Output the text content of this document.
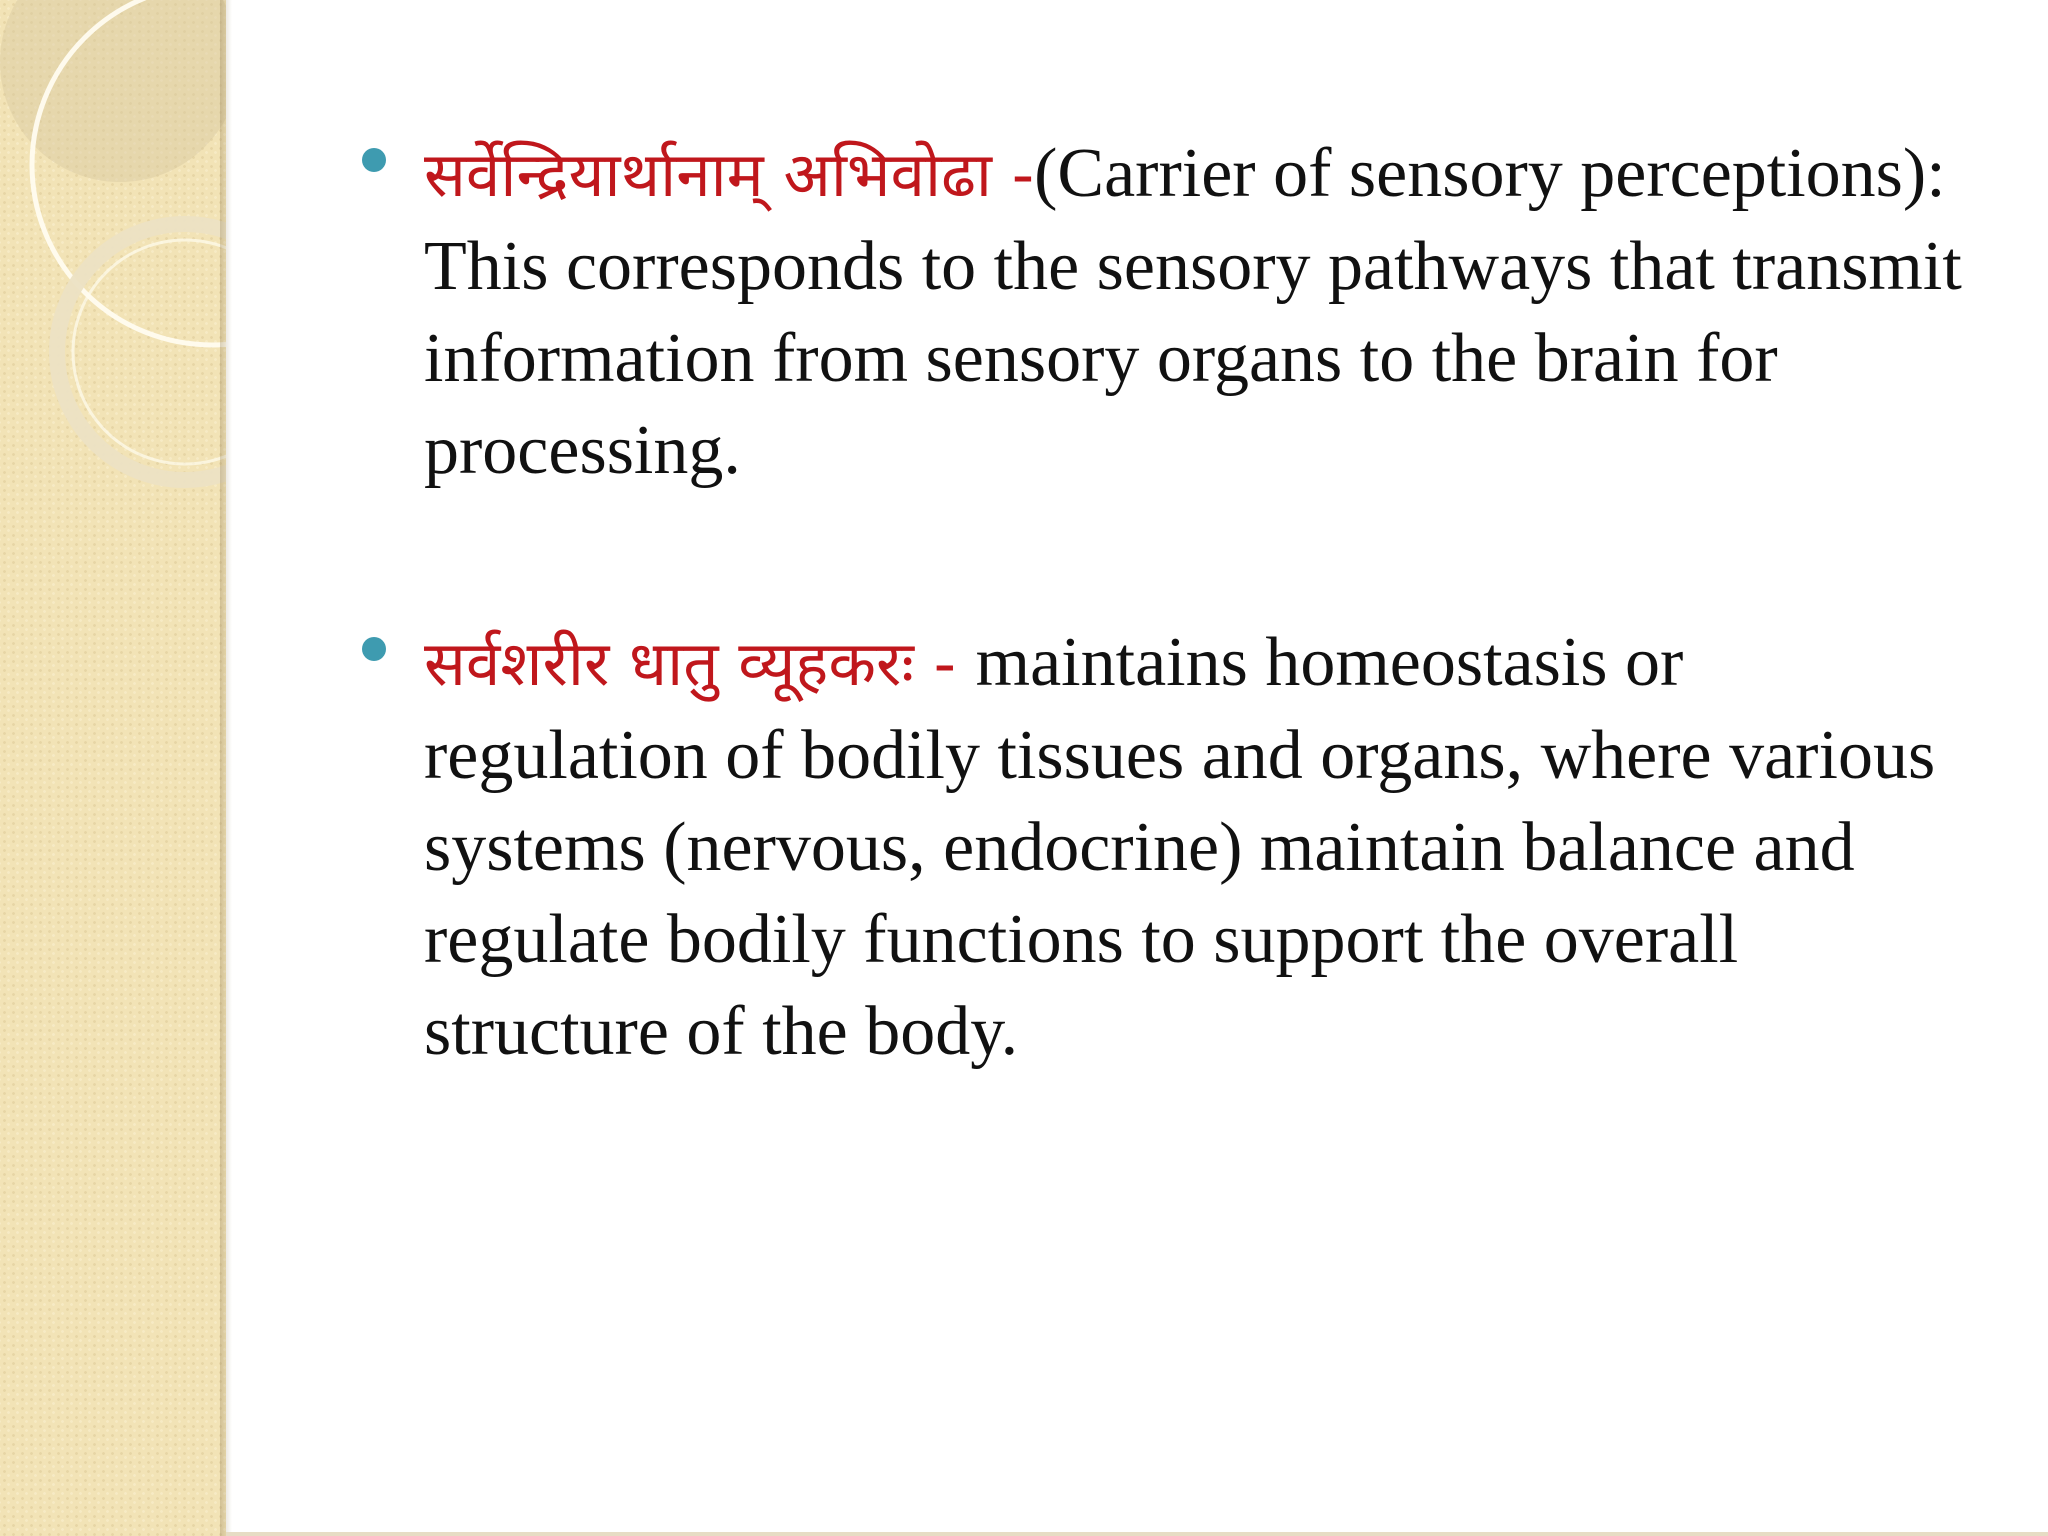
सर्वेन्द्रियार्थानाम् अभिवोढा -(Carrier of sensory perceptions): This corresponds to the sensory pathways that transmit information from sensory organs to the brain for processing.
सर्वशरीर धातु व्यूहकरः - maintains homeostasis or regulation of bodily tissues and organs, where various systems (nervous, endocrine) maintain balance and regulate bodily functions to support the overall structure of the body.
